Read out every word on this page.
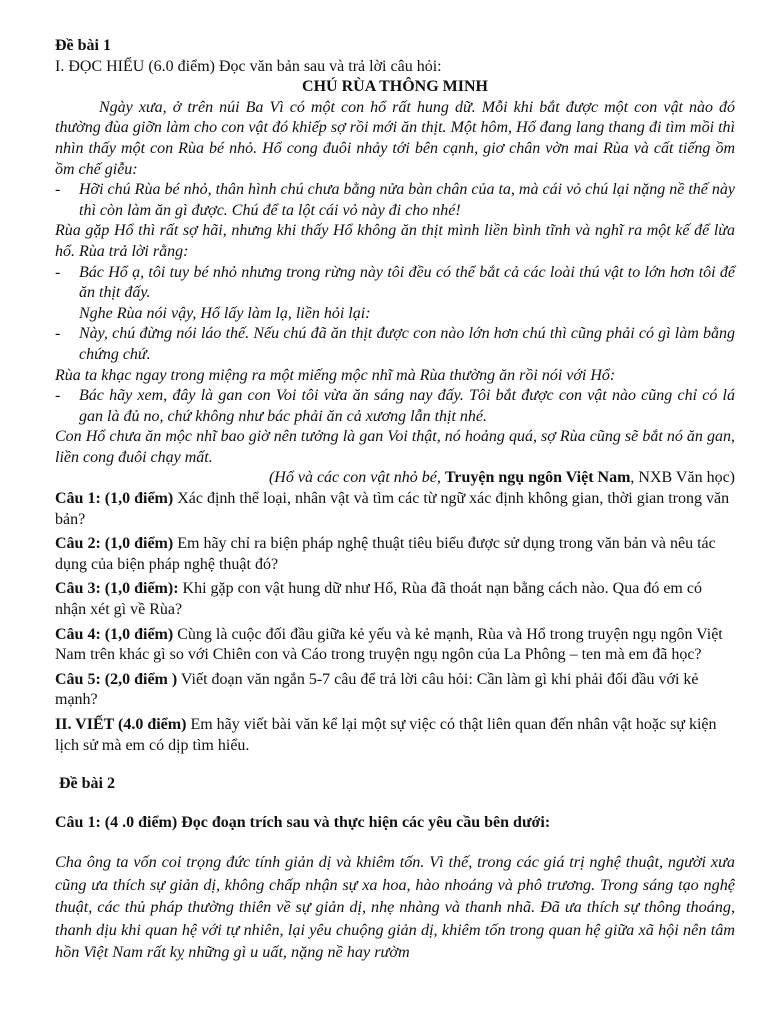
Đề bài 1

I. ĐỌC HIỂU (6.0 điểm) Đọc văn bản sau và trả lời câu hỏi:

CHÚ RÙA THÔNG MINH

Ngày xưa, ở trên núi Ba Vì có một con hổ rất hung dữ. Mỗi khi bắt được một con vật nào đó thường đùa giỡn làm cho con vật đó khiếp sợ rồi mới ăn thịt. Một hôm, Hổ đang lang thang đi tìm mồi thì nhìn thấy một con Rùa bé nhỏ. Hổ cong đuôi nhảy tới bên cạnh, giơ chân vờn mai Rùa và cất tiếng ồm ồm chế giễu:

-	Hỡi chú Rùa bé nhỏ, thân hình chú chưa bằng nửa bàn chân của ta, mà cái vỏ chú lại nặng nề thế này thì còn làm ăn gì được. Chú để ta lột cái vỏ này đi cho nhé!

Rùa gặp Hổ thì rất sợ hãi, nhưng khi thấy Hổ không ăn thịt mình liền bình tĩnh và nghĩ ra một kế để lừa hổ. Rùa trả lời rằng:

-	Bác Hổ ạ, tôi tuy bé nhỏ nhưng trong rừng này tôi đều có thể bắt cả các loài thú vật to lớn hơn tôi để ăn thịt đấy.

Nghe Rùa nói vậy, Hổ lấy làm lạ, liền hỏi lại:

-	Này, chú đừng nói láo thế. Nếu chú đã ăn thịt được con nào lớn hơn chú thì cũng phải có gì làm bằng chứng chứ.

Rùa ta khạc ngay trong miệng ra một miếng mộc nhĩ mà Rùa thường ăn rồi nói với Hổ:

-	Bác hãy xem, đây là gan con Voi tôi vừa ăn sáng nay đấy. Tôi bắt được con vật nào cũng chỉ có lá gan là đủ no, chứ không như bác phải ăn cả xương lẫn thịt nhé.

Con Hổ chưa ăn mộc nhĩ bao giờ nên tưởng là gan Voi thật, nó hoảng quá, sợ Rùa cũng sẽ bắt nó ăn gan, liền cong đuôi chạy mất.

(Hổ và các con vật nhỏ bé, Truyện ngụ ngôn Việt Nam, NXB Văn học)

Câu 1: (1,0 điểm) Xác định thể loại, nhân vật và tìm các từ ngữ xác định không gian, thời gian trong văn bản?

Câu 2: (1,0 điểm) Em hãy chỉ ra biện pháp nghệ thuật tiêu biểu được sử dụng trong văn bản và nêu tác dụng của biện pháp nghệ thuật đó?

Câu 3: (1,0 điểm): Khi gặp con vật hung dữ như Hổ, Rùa đã thoát nạn bằng cách nào. Qua đó em có nhận xét gì về Rùa?

Câu 4: (1,0 điểm) Cùng là cuộc đối đầu giữa kẻ yếu và kẻ mạnh, Rùa và Hổ trong truyện ngụ ngôn Việt Nam trên khác gì so với Chiên con và Cáo trong truyện ngụ ngôn của La Phông – ten mà em đã học?

Câu 5: (2,0 điểm ) Viết đoạn văn ngắn 5-7 câu để trả lời câu hỏi: Cần làm gì khi phải đối đầu với kẻ mạnh?

II. VIẾT (4.0 điểm) Em hãy viết bài văn kể lại một sự việc có thật liên quan đến nhân vật hoặc sự kiện lịch sử mà em có dịp tìm hiểu.

Đề bài 2

Câu 1: (4 .0 điểm) Đọc đoạn trích sau và thực hiện các yêu cầu bên dưới:

Cha ông ta vốn coi trọng đức tính giản dị và khiêm tốn. Vì thế, trong các giá trị nghệ thuật, người xưa cũng ưa thích sự giản dị, không chấp nhận sự xa hoa, hào nhoáng và phô trương. Trong sáng tạo nghệ thuật, các thủ pháp thường thiên về sự giản dị, nhẹ nhàng và thanh nhã. Đã ưa thích sự thông thoáng, thanh dịu khi quan hệ với tự nhiên, lại yêu chuộng giản dị, khiêm tốn trong quan hệ giữa xã hội nên tâm hồn Việt Nam rất kỵ những gì u uất, nặng nề hay rườm
